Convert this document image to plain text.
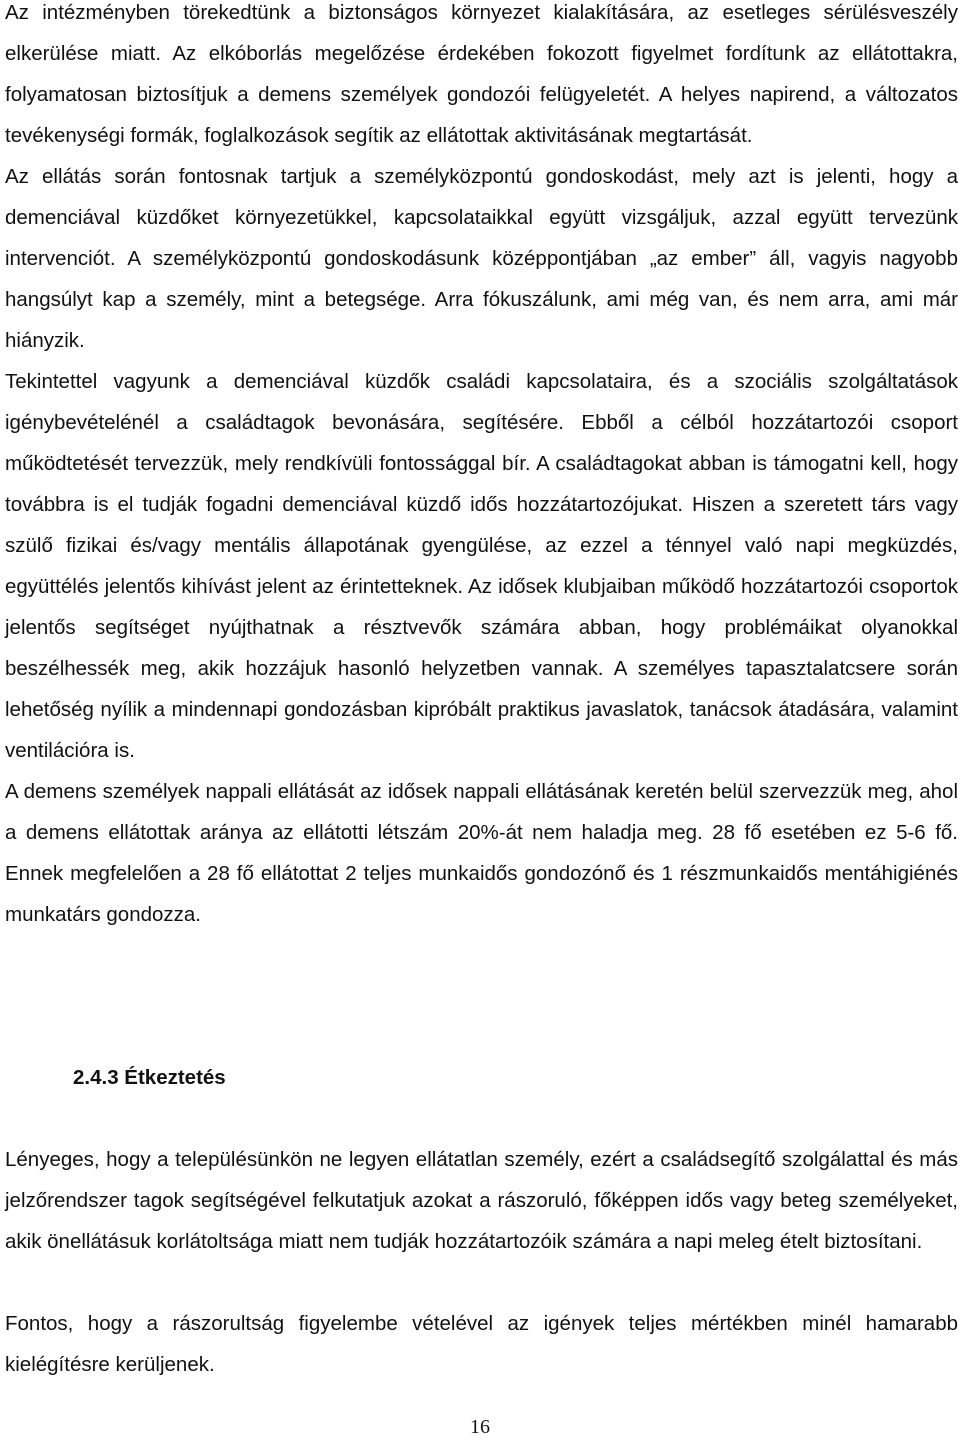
Az intézményben törekedtünk a biztonságos környezet kialakítására, az esetleges sérülésveszély elkerülése miatt. Az elkóborlás megelőzése érdekében fokozott figyelmet fordítunk az ellátottakra, folyamatosan biztosítjuk a demens személyek gondozói felügyeletét. A helyes napirend, a változatos tevékenységi formák, foglalkozások segítik az ellátottak aktivitásának megtartását.

Az ellátás során fontosnak tartjuk a személyközpontú gondoskodást, mely azt is jelenti, hogy a demenciával küzdőket környezetükkel, kapcsolataikkal együtt vizsgáljuk, azzal együtt tervezünk intervenciót. A személyközpontú gondoskodásunk középpontjában „az ember” áll, vagyis nagyobb hangsúlyt kap a személy, mint a betegsége. Arra fókuszálunk, ami még van, és nem arra, ami már hiányzik.

Tekintettel vagyunk a demenciával küzdők családi kapcsolataira, és a szociális szolgáltatások igénybevételénél a családtagok bevonására, segítésére. Ebből a célból hozzátartozói csoport működtetését tervezzük, mely rendkívüli fontossággal bír. A családtagokat abban is támogatni kell, hogy továbbra is el tudják fogadni demenciával küzdő idős hozzátartozójukat. Hiszen a szeretett társ vagy szülő fizikai és/vagy mentális állapotának gyengülése, az ezzel a ténnyel való napi megküzdés, együttélés jelentős kihívást jelent az érintetteknek. Az idősek klubjaiban működő hozzátartozói csoportok jelentős segítséget nyújthatnak a résztvevők számára abban, hogy problémáikat olyanokkal beszélhessék meg, akik hozzájuk hasonló helyzetben vannak. A személyes tapasztalatcsere során lehetőség nyílik a mindennapi gondozásban kipróbált praktikus javaslatok, tanácsok átadására, valamint ventilációra is.

A demens személyek nappali ellátását az idősek nappali ellátásának keretén belül szervezzük meg, ahol a demens ellátottak aránya az ellátotti létszám 20%-át nem haladja meg. 28 fő esetében ez 5-6 fő. Ennek megfelelően a 28 fő ellátottat 2 teljes munkaidős gondozónő és 1 részmunkaidős mentáhigiénés munkatárs gondozza.

2.4.3 Étkeztetés

Lényeges, hogy a településünkön ne legyen ellátatlan személy, ezért a családsegítő szolgálattal és más jelzőrendszer tagok segítségével felkutatjuk azokat a rászoruló, főképpen idős vagy beteg személyeket, akik önellátásuk korlátoltsága miatt nem tudják hozzátartozóik számára a napi meleg ételt biztosítani.

Fontos, hogy a rászorultság figyelembe vételével az igények teljes mértékben minél hamarabb kielégítésre kerüljenek.

16
